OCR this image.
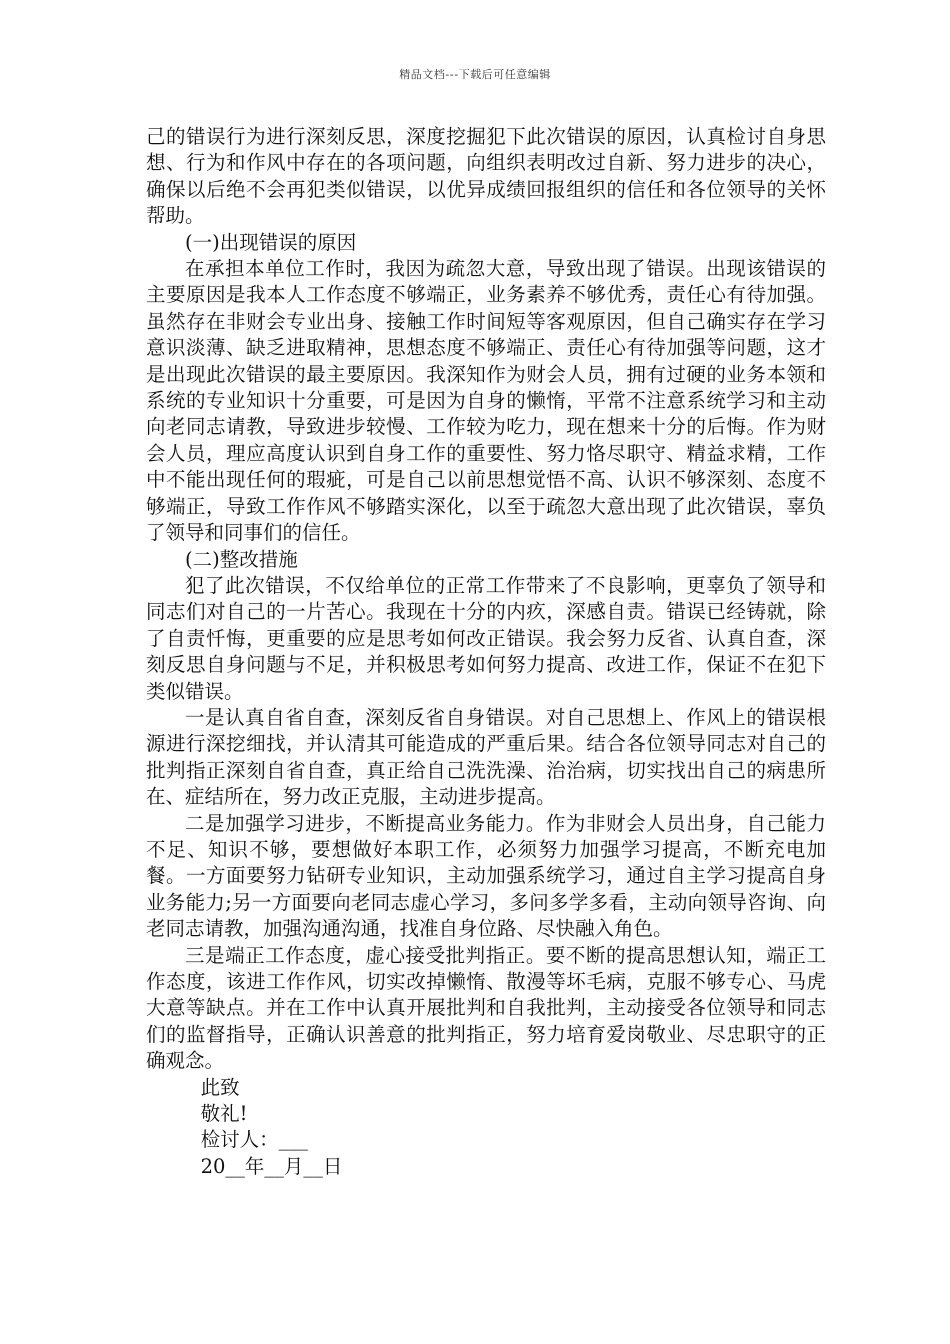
精品文档---下载后可任意编辑

己的错误行为进行深刻反思，深度挖掘犯下此次错误的原因，认真检讨自身思想、行为和作风中存在的各项问题，向组织表明改过自新、努力进步的决心，确保以后绝不会再犯类似错误，以优异成绩回报组织的信任和各位领导的关怀帮助。

(一)出现错误的原因

在承担本单位工作时，我因为疏忽大意，导致出现了错误。出现该错误的主要原因是我本人工作态度不够端正，业务素养不够优秀，责任心有待加强。虽然存在非财会专业出身、接触工作时间短等客观原因，但自己确实存在学习意识淡薄、缺乏进取精神，思想态度不够端正、责任心有待加强等问题，这才是出现此次错误的最主要原因。我深知作为财会人员，拥有过硬的业务本领和系统的专业知识十分重要，可是因为自身的懒惰，平常不注意系统学习和主动向老同志请教，导致进步较慢、工作较为吃力，现在想来十分的后悔。作为财会人员，理应高度认识到自身工作的重要性、努力恪尽职守、精益求精，工作中不能出现任何的瑕疵，可是自己以前思想觉悟不高、认识不够深刻、态度不够端正，导致工作作风不够踏实深化，以至于疏忽大意出现了此次错误，辜负了领导和同事们的信任。

(二)整改措施

犯了此次错误，不仅给单位的正常工作带来了不良影响，更辜负了领导和同志们对自己的一片苦心。我现在十分的内疚，深感自责。错误已经铸就，除了自责忏悔，更重要的应是思考如何改正错误。我会努力反省、认真自查，深刻反思自身问题与不足，并积极思考如何努力提高、改进工作，保证不在犯下类似错误。

一是认真自省自查，深刻反省自身错误。对自己思想上、作风上的错误根源进行深挖细找，并认清其可能造成的严重后果。结合各位领导同志对自己的批判指正深刻自省自查，真正给自己洗洗澡、治治病，切实找出自己的病患所在、症结所在，努力改正克服，主动进步提高。

二是加强学习进步，不断提高业务能力。作为非财会人员出身，自己能力不足、知识不够，要想做好本职工作，必须努力加强学习提高，不断充电加餐。一方面要努力钻研专业知识，主动加强系统学习，通过自主学习提高自身业务能力;另一方面要向老同志虚心学习，多问多学多看，主动向领导咨询、向老同志请教，加强沟通沟通，找准自身位路、尽快融入角色。

三是端正工作态度，虚心接受批判指正。要不断的提高思想认知，端正工作态度，该进工作作风，切实改掉懒惰、散漫等坏毛病，克服不够专心、马虎大意等缺点。并在工作中认真开展批判和自我批判，主动接受各位领导和同志们的监督指导，正确认识善意的批判指正，努力培育爱岗敬业、尽忠职守的正确观念。

此致

敬礼!

检讨人：___

20__年__月__日
